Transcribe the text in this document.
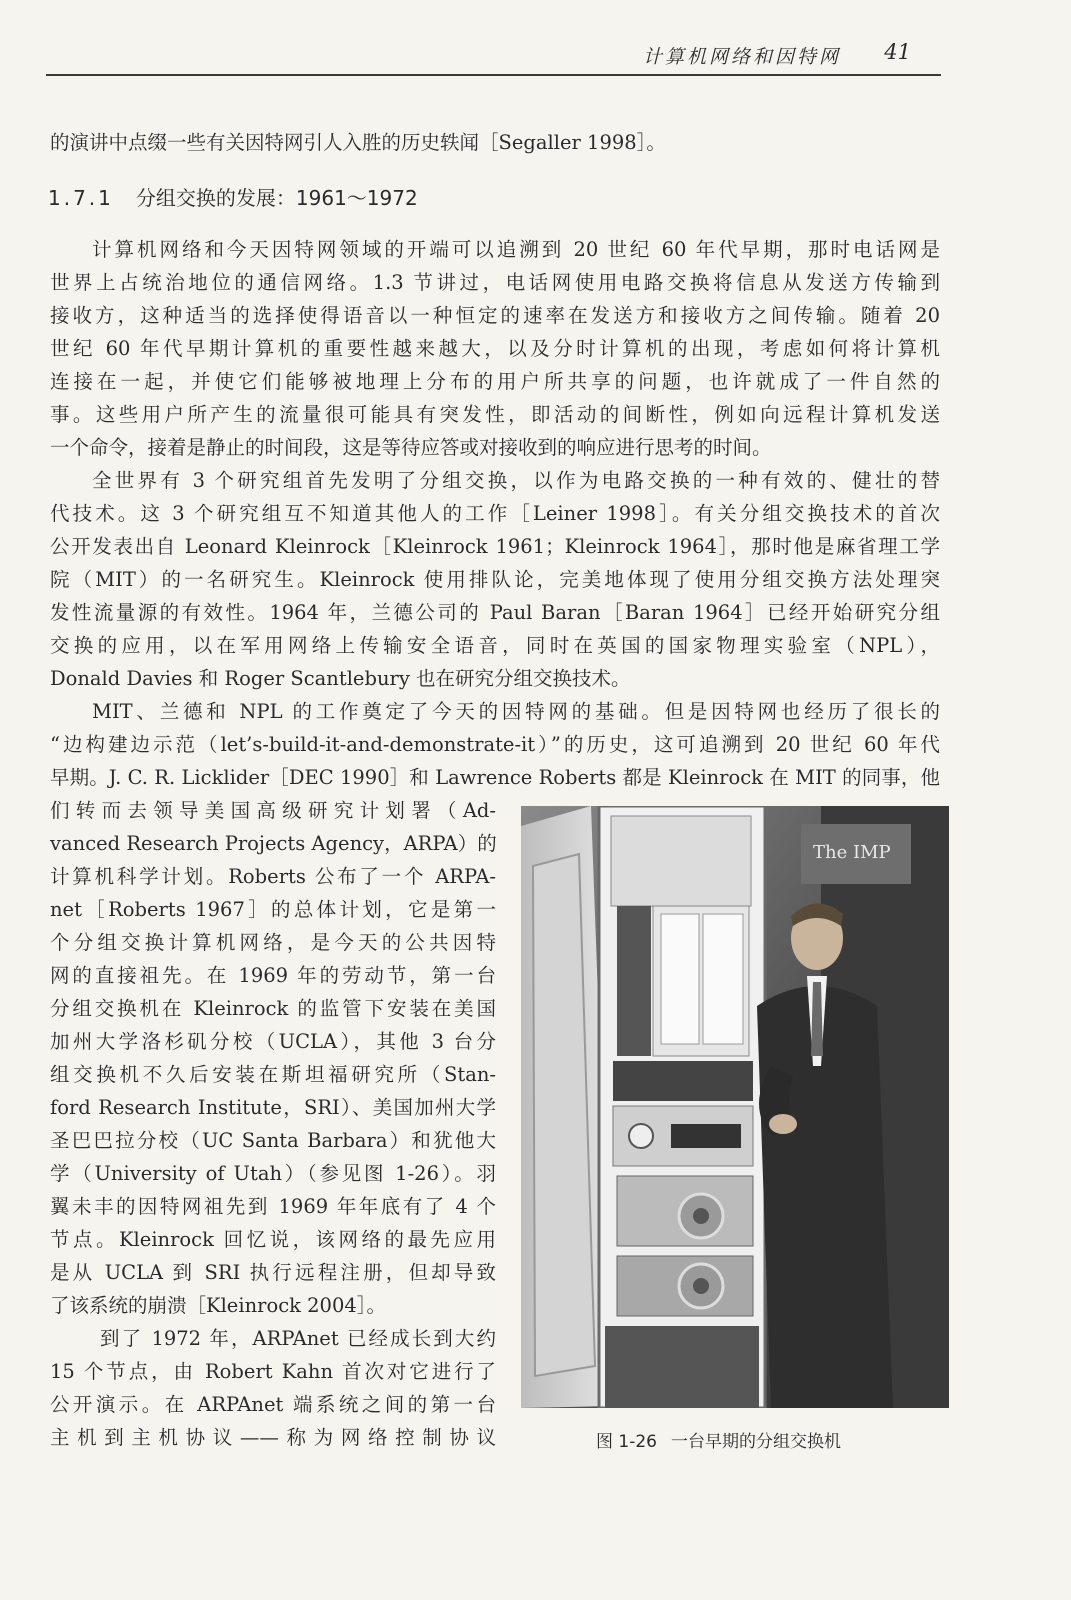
计算机网络和因特网 41
的演讲中点缀一些有关因特网引人入胜的历史轶闻［Segaller 1998］。
1.7.1 分组交换的发展：1961～1972
计算机网络和今天因特网领域的开端可以追溯到 20 世纪 60 年代早期，那时电话网是
世界上占统治地位的通信网络。1.3 节讲过，电话网使用电路交换将信息从发送方传输到
接收方，这种适当的选择使得语音以一种恒定的速率在发送方和接收方之间传输。随着 20
世纪 60 年代早期计算机的重要性越来越大，以及分时计算机的出现，考虑如何将计算机
连接在一起，并使它们能够被地理上分布的用户所共享的问题，也许就成了一件自然的
事。这些用户所产生的流量很可能具有突发性，即活动的间断性，例如向远程计算机发送
一个命令，接着是静止的时间段，这是等待应答或对接收到的响应进行思考的时间。
全世界有 3 个研究组首先发明了分组交换，以作为电路交换的一种有效的、健壮的替
代技术。这 3 个研究组互不知道其他人的工作［Leiner 1998］。有关分组交换技术的首次
公开发表出自 Leonard Kleinrock［Kleinrock 1961；Kleinrock 1964］，那时他是麻省理工学
院（MIT）的一名研究生。Kleinrock 使用排队论，完美地体现了使用分组交换方法处理突
发性流量源的有效性。1964 年，兰德公司的 Paul Baran［Baran 1964］已经开始研究分组
交换的应用，以在军用网络上传输安全语音，同时在英国的国家物理实验室（NPL），
Donald Davies 和 Roger Scantlebury 也在研究分组交换技术。
MIT、兰德和 NPL 的工作奠定了今天的因特网的基础。但是因特网也经历了很长的
“边构建边示范（let’s-build-it-and-demonstrate-it）”的历史，这可追溯到 20 世纪 60 年代
早期。J. C. R. Licklider［DEC 1990］和 Lawrence Roberts 都是 Kleinrock 在 MIT 的同事，他
们转而去领导美国高级研究计划署（Ad-
vanced Research Projects Agency，ARPA）的
计算机科学计划。Roberts 公布了一个 ARPA-
net［Roberts 1967］的总体计划，它是第一
个分组交换计算机网络，是今天的公共因特
网的直接祖先。在 1969 年的劳动节，第一台
分组交换机在 Kleinrock 的监管下安装在美国
加州大学洛杉矶分校（UCLA），其他 3 台分
组交换机不久后安装在斯坦福研究所（Stan-
ford Research Institute，SRI）、美国加州大学
圣巴巴拉分校（UC Santa Barbara）和犹他大
学（University of Utah）（参见图 1-26）。羽
翼未丰的因特网祖先到 1969 年年底有了 4 个
节点。Kleinrock 回忆说，该网络的最先应用
是从 UCLA 到 SRI 执行远程注册，但却导致
了该系统的崩溃［Kleinrock 2004］。
到了 1972 年，ARPAnet 已经成长到大约
15 个节点，由 Robert Kahn 首次对它进行了
公开演示。在 ARPAnet 端系统之间的第一台
主机到主机协议——称为网络控制协议
The IMP
图 1-26 一台早期的分组交换机
